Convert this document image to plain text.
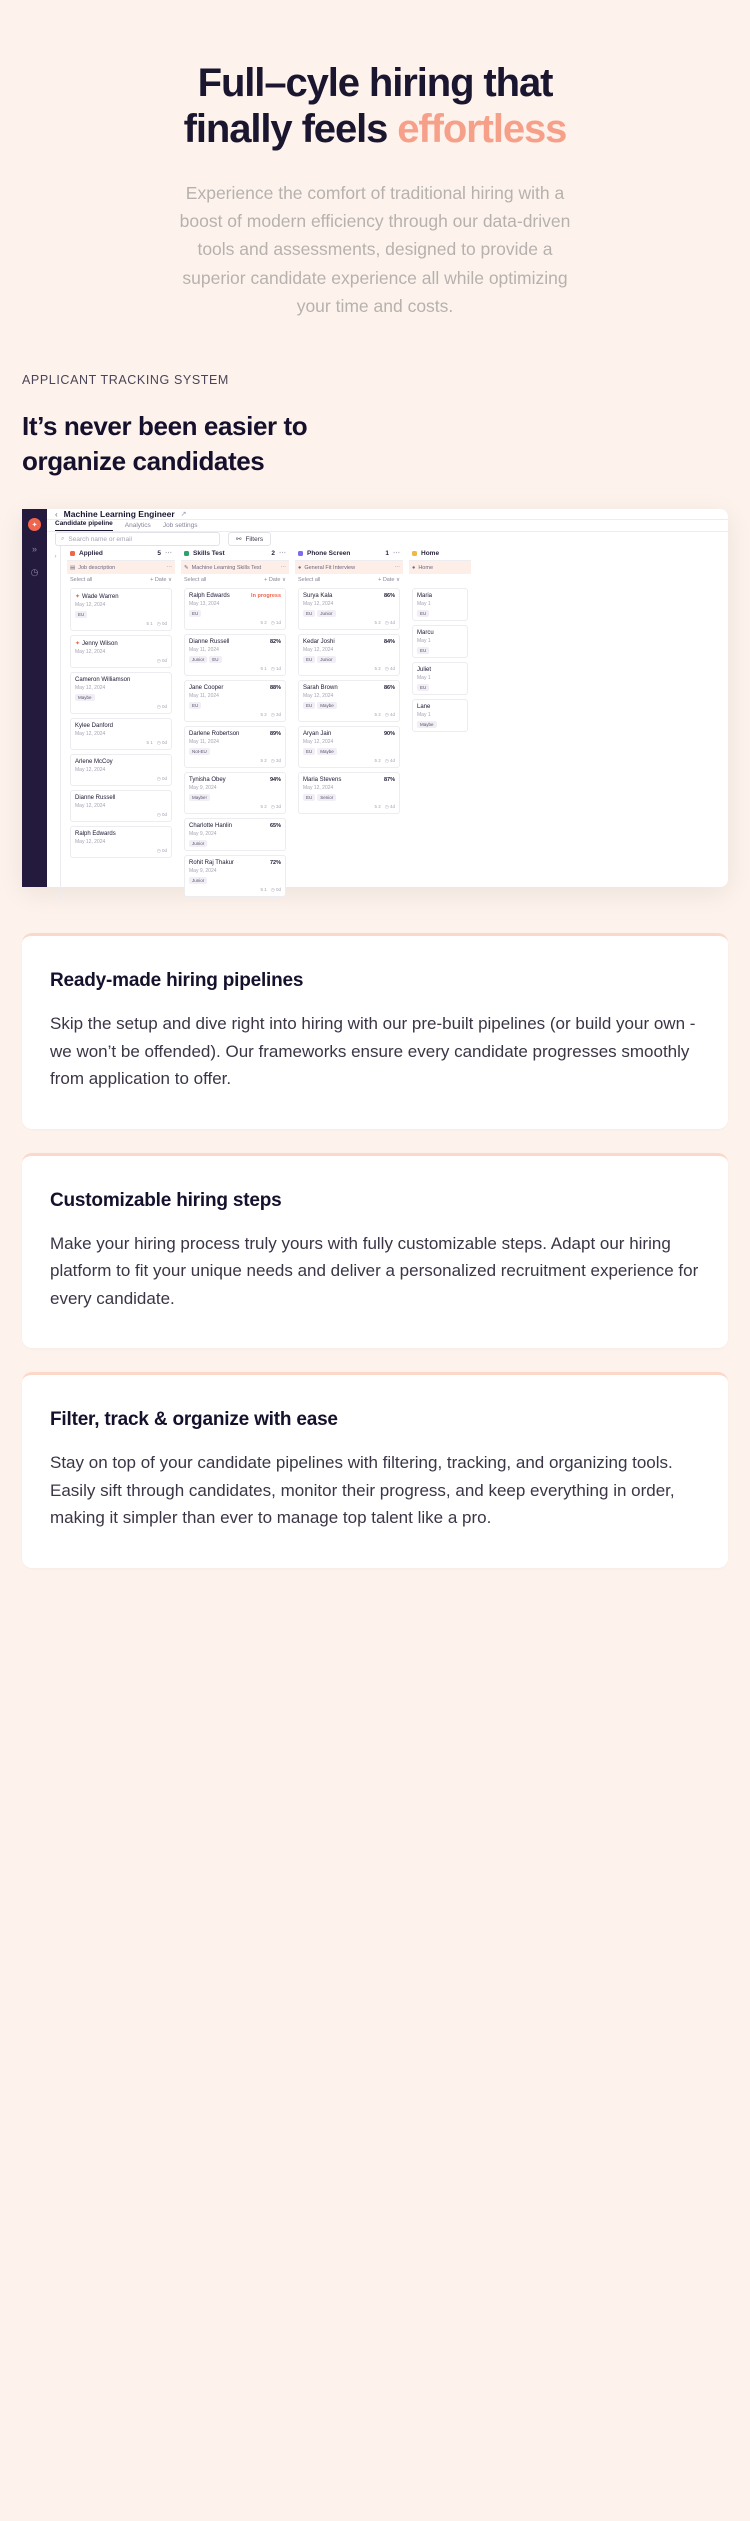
Full–cyle hiring that
finally feels effortless

Experience the comfort of traditional hiring with a boost of modern efficiency through our data-driven tools and assessments, designed to provide a superior candidate experience all while optimizing your time and costs.

APPLICANT TRACKING SYSTEM
It’s never been easier to organize candidates
✦
»
◷
‹ Machine Learning Engineer ↗
Candidate pipeline Analytics Job settings
⌕ Search name or email	⚯ Filters
›
Applied	5 ⋯
▤ Job description	⋯
Select all	+ Date ∨
✦ Wade Warren
May 12, 2024
EU
5 1 ◷ 0d
✦ Jenny Wilson
May 12, 2024
◷ 0d
Cameron Williamson
May 12, 2024
Maybe
◷ 0d
Kylee Danford
May 12, 2024
5 1 ◷ 0d
Arlene McCoy
May 12, 2024
◷ 0d
Dianne Russell
May 12, 2024
◷ 0d
Ralph Edwards
May 12, 2024
◷ 0d
Skills Test	2 ⋯
✎ Machine Learning Skills Test	⋯
Select all	+ Date ∨
Ralph Edwards	In progress
May 13, 2024
EU
5 2 ◷ 1d
Dianne Russell	82%
May 11, 2024
Junior	EU
5 1 ◷ 1d
Jane Cooper	88%
May 11, 2024
EU
5 2 ◷ 3d
Darlene Robertson	89%
May 11, 2024
Not-EU
5 2 ◷ 3d
Tynisha Obey	94%
May 9, 2024
Maybe!
5 2 ◷ 3d
Charlotte Hanlin	65%
May 9, 2024
Junior
Rohit Raj Thakur	72%
May 9, 2024
Junior
5 1 ◷ 0d
Phone Screen	1 ⋯
● General Fit Interview	⋯
Select all	+ Date ∨
Surya Kala	86%
May 12, 2024
EU	Junior
5 2 ◷ 4d
Kedar Joshi	84%
May 12, 2024
EU	Junior
5 2 ◷ 4d
Sarah Brown	86%
May 12, 2024
EU	Maybe
5 2 ◷ 4d
Aryan Jain	90%
May 12, 2024
EU	Maybe
5 2 ◷ 4d
Maria Stevens	87%
May 12, 2024
EU	Senior
5 2 ◷ 4d
Home
● Home
Maria
May 1
EU
Marcu
May 1
EU
Juliet
May 1
EU
Lane
May 1
Maybe
Ready-made hiring pipelines

Skip the setup and dive right into hiring with our pre-built pipelines (or build your own - we won’t be offended). Our frameworks ensure every candidate progresses smoothly from application to offer.

Customizable hiring steps

Make your hiring process truly yours with fully customizable steps. Adapt our hiring platform to fit your unique needs and deliver a personalized recruitment experience for every candidate.

Filter, track & organize with ease

Stay on top of your candidate pipelines with filtering, tracking, and organizing tools. Easily sift through candidates, monitor their progress, and keep everything in order, making it simpler than ever to manage top talent like a pro.
